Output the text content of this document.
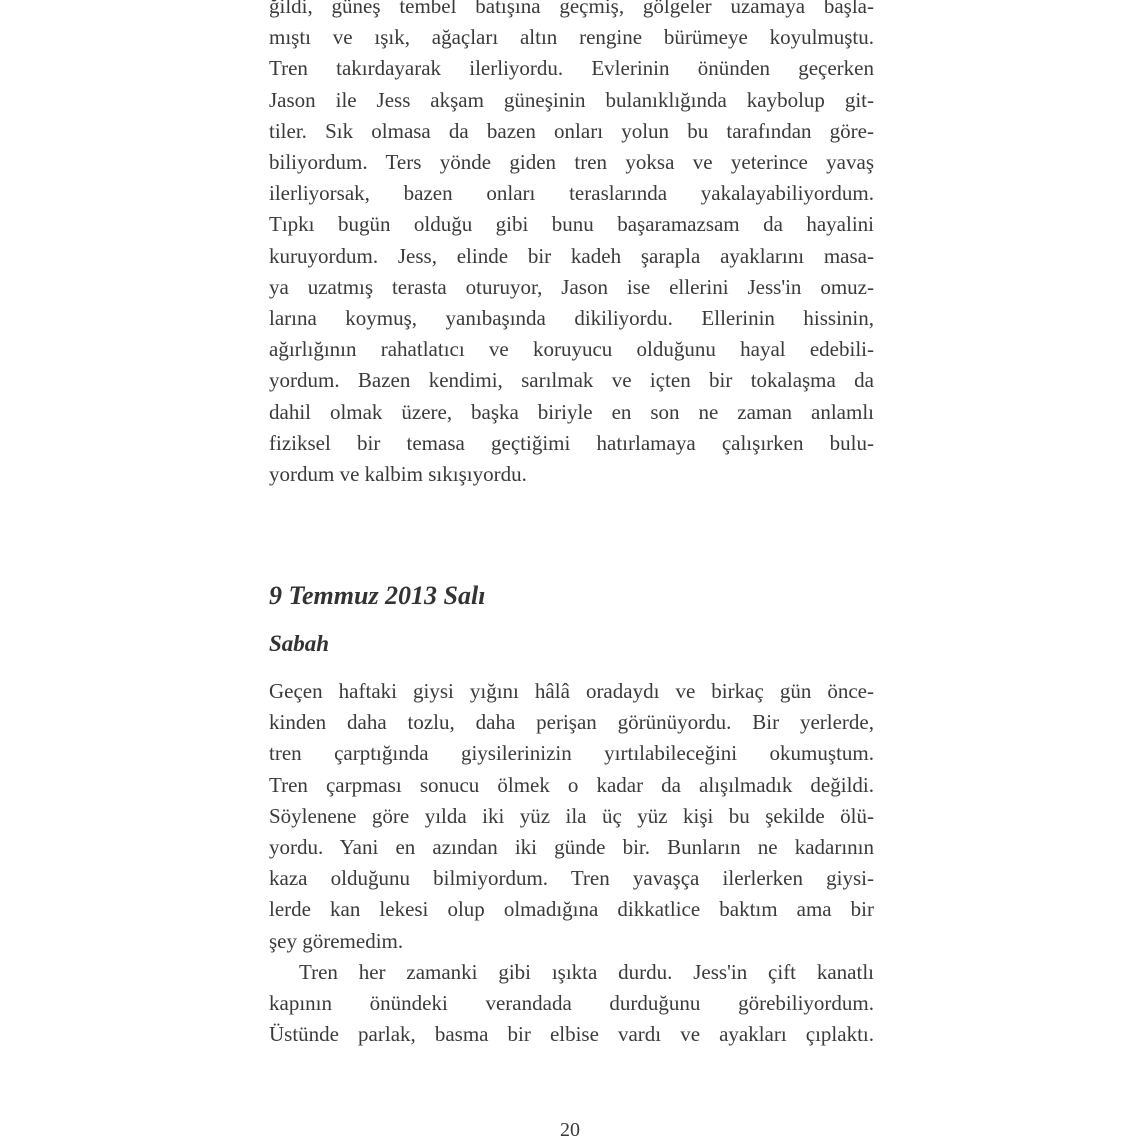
ğildi, güneş tembel batışına geçmiş, gölgeler uzamaya başla-
mıştı ve ışık, ağaçları altın rengine bürümeye koyulmuştu.
Tren takırdayarak ilerliyordu. Evlerinin önünden geçerken
Jason ile Jess akşam güneşinin bulanıklığında kaybolup git-
tiler. Sık olmasa da bazen onları yolun bu tarafından göre-
biliyordum. Ters yönde giden tren yoksa ve yeterince yavaş
ilerliyorsak, bazen onları teraslarında yakalayabiliyordum.
Tıpkı bugün olduğu gibi bunu başaramazsam da hayalini
kuruyordum. Jess, elinde bir kadeh şarapla ayaklarını masa-
ya uzatmış terasta oturuyor, Jason ise ellerini Jess'in omuz-
larına koymuş, yanıbaşında dikiliyordu. Ellerinin hissinin,
ağırlığının rahatlatıcı ve koruyucu olduğunu hayal edebili-
yordum. Bazen kendimi, sarılmak ve içten bir tokalaşma da
dahil olmak üzere, başka biriyle en son ne zaman anlamlı
fiziksel bir temasa geçtiğimi hatırlamaya çalışırken bulu-
yordum ve kalbim sıkışıyordu.

9 Temmuz 2013 Salı
Sabah

Geçen haftaki giysi yığını hâlâ oradaydı ve birkaç gün önce-
kinden daha tozlu, daha perişan görünüyordu. Bir yerlerde,
tren çarptığında giysilerinizin yırtılabileceğini okumuştum.
Tren çarpması sonucu ölmek o kadar da alışılmadık değildi.
Söylenene göre yılda iki yüz ila üç yüz kişi bu şekilde ölü-
yordu. Yani en azından iki günde bir. Bunların ne kadarının
kaza olduğunu bilmiyordum. Tren yavaşça ilerlerken giysi-
lerde kan lekesi olup olmadığına dikkatlice baktım ama bir
şey göremedim.

Tren her zamanki gibi ışıkta durdu. Jess'in çift kanatlı
kapının önündeki verandada durduğunu görebiliyordum.
Üstünde parlak, basma bir elbise vardı ve ayakları çıplaktı.

20
